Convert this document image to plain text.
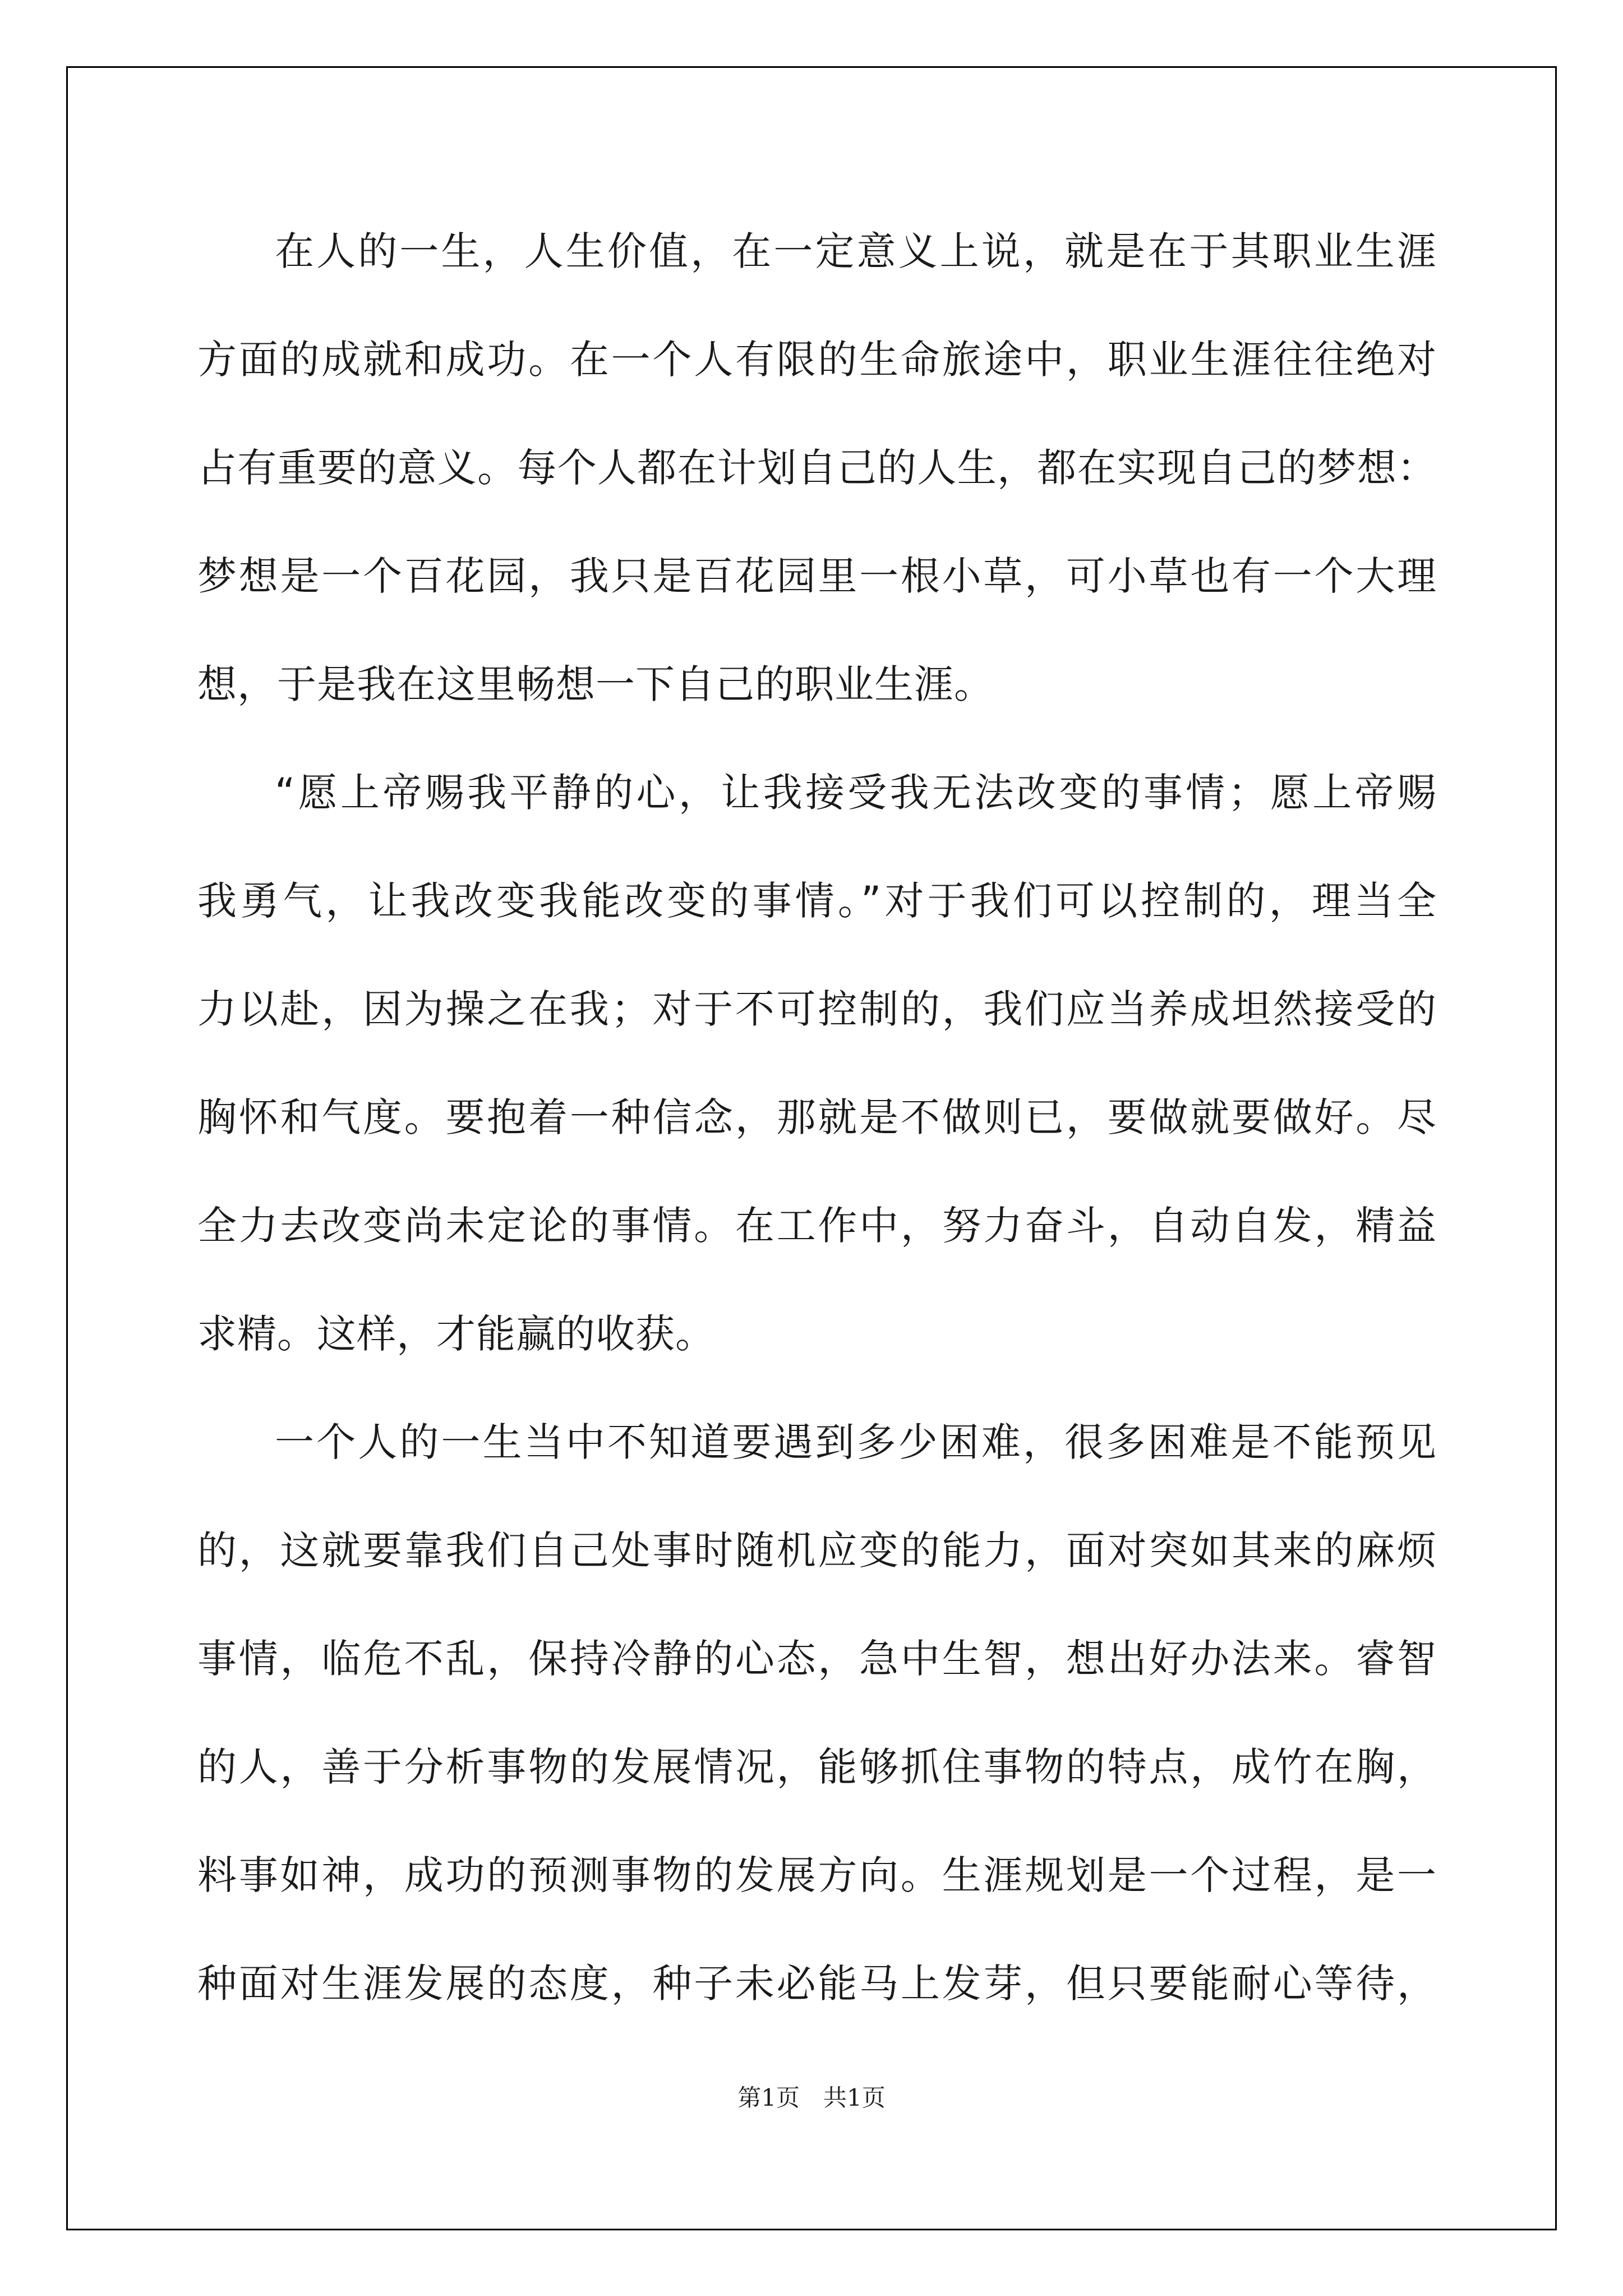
在人的一生，人生价值，在一定意义上说，就是在于其职业生涯
方面的成就和成功。在一个人有限的生命旅途中，职业生涯往往绝对
占有重要的意义。每个人都在计划自己的人生，都在实现自己的梦想：
梦想是一个百花园，我只是百花园里一根小草，可小草也有一个大理
想，于是我在这里畅想一下自己的职业生涯。
“愿上帝赐我平静的心，让我接受我无法改变的事情；愿上帝赐
我勇气，让我改变我能改变的事情。”对于我们可以控制的，理当全
力以赴，因为操之在我；对于不可控制的，我们应当养成坦然接受的
胸怀和气度。要抱着一种信念，那就是不做则已，要做就要做好。尽
全力去改变尚未定论的事情。在工作中，努力奋斗，自动自发，精益
求精。这样，才能赢的收获。
一个人的一生当中不知道要遇到多少困难，很多困难是不能预见
的，这就要靠我们自己处事时随机应变的能力，面对突如其来的麻烦
事情，临危不乱，保持冷静的心态，急中生智，想出好办法来。睿智
的人，善于分析事物的发展情况，能够抓住事物的特点，成竹在胸，
料事如神，成功的预测事物的发展方向。生涯规划是一个过程，是一
种面对生涯发展的态度，种子未必能马上发芽，但只要能耐心等待，
第1页　共1页
